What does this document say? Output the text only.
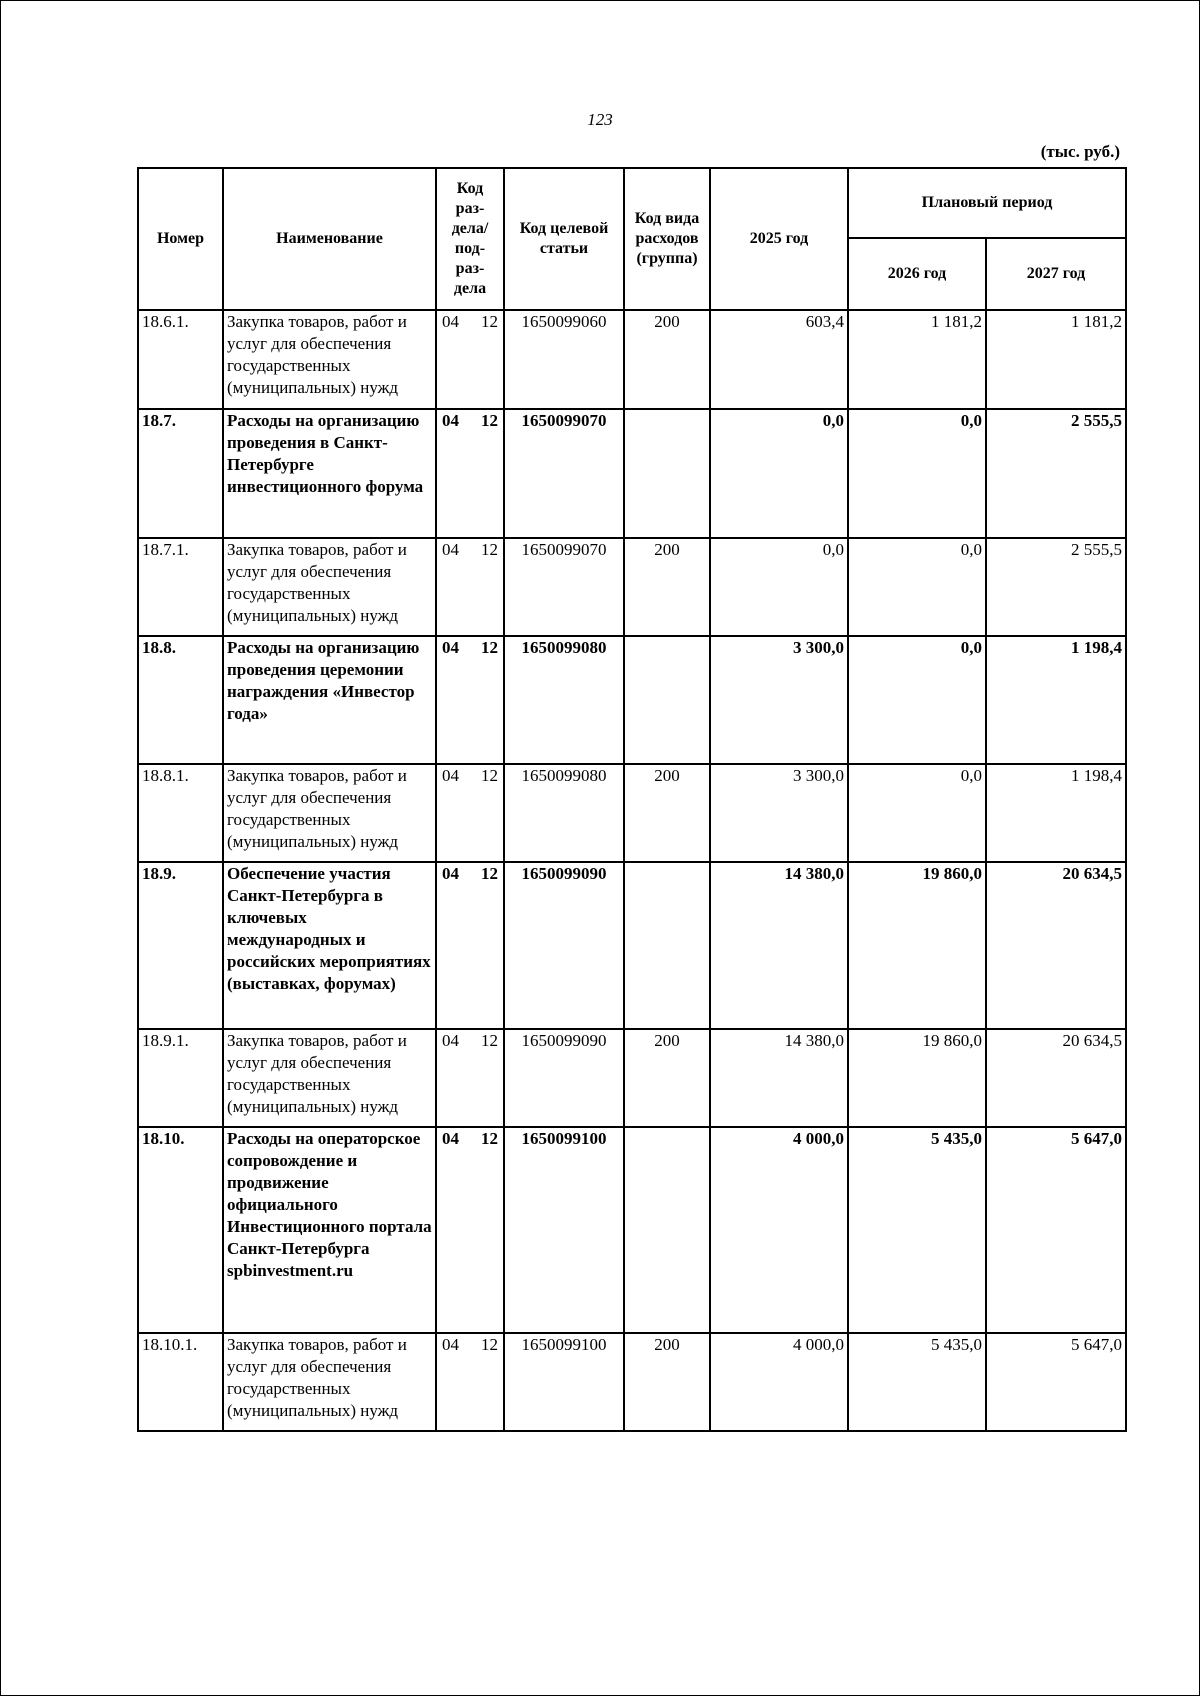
123
(тыс. руб.)
Номер	Наименование	Код раз-дела/ под-раз-дела	Код целевой статьи	Код вида расходов (группа)	2025 год	Плановый период	
						2026 год	2027 год
18.6.1.	Закупка товаров, работ и услуг для обеспечения государственных (муниципальных) нужд	04 12	1650099060	200	603,4	1 181,2	1 181,2
18.7.	Расходы на организацию проведения в Санкт-Петербурге инвестиционного форума	04 12	1650099070		0,0	0,0	2 555,5
18.7.1.	Закупка товаров, работ и услуг для обеспечения государственных (муниципальных) нужд	04 12	1650099070	200	0,0	0,0	2 555,5
18.8.	Расходы на организацию проведения церемонии награждения «Инвестор года»	04 12	1650099080		3 300,0	0,0	1 198,4
18.8.1.	Закупка товаров, работ и услуг для обеспечения государственных (муниципальных) нужд	04 12	1650099080	200	3 300,0	0,0	1 198,4
18.9.	Обеспечение участия Санкт-Петербурга в ключевых международных и российских мероприятиях (выставках, форумах)	04 12	1650099090		14 380,0	19 860,0	20 634,5
18.9.1.	Закупка товаров, работ и услуг для обеспечения государственных (муниципальных) нужд	04 12	1650099090	200	14 380,0	19 860,0	20 634,5
18.10.	Расходы на операторское сопровождение и продвижение официального Инвестиционного портала Санкт-Петербурга spbinvestment.ru	04 12	1650099100		4 000,0	5 435,0	5 647,0
18.10.1.	Закупка товаров, работ и услуг для обеспечения государственных (муниципальных) нужд	04 12	1650099100	200	4 000,0	5 435,0	5 647,0
